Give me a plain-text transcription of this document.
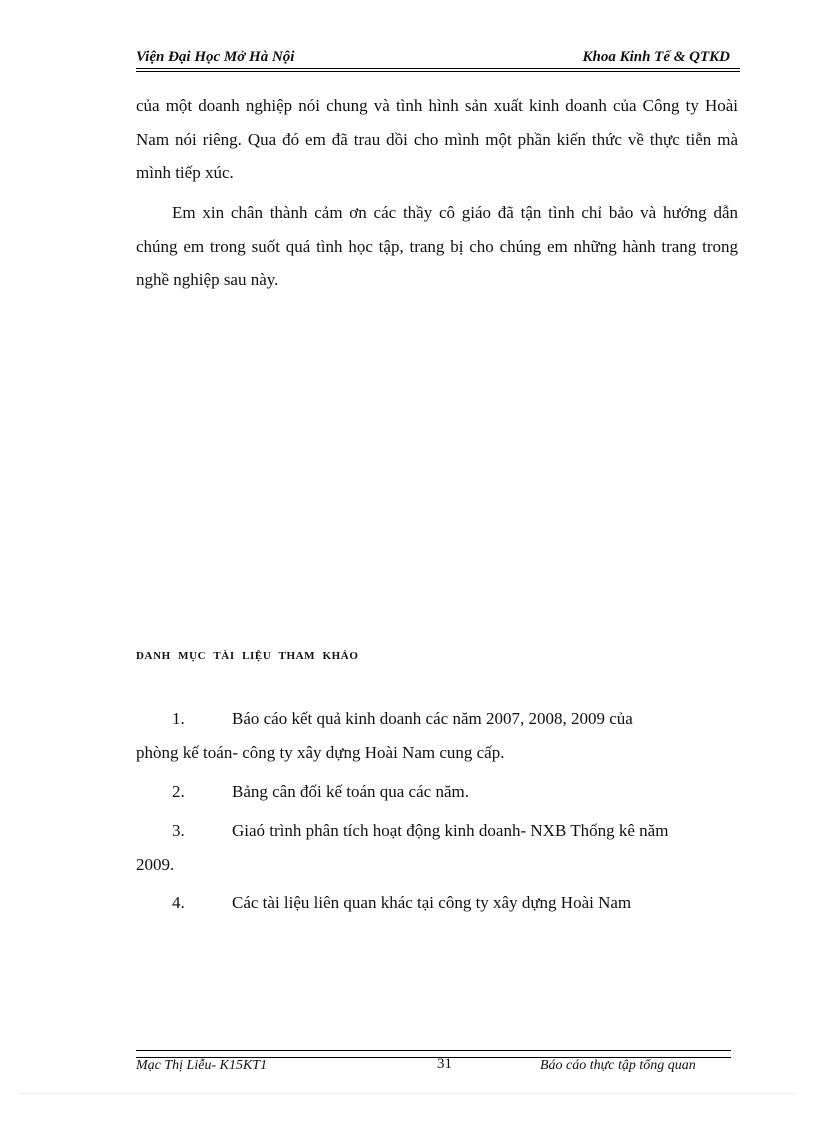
Viện Đại Học Mở Hà Nội	Khoa Kinh Tế & QTKD

của một doanh nghiệp nói chung và tình hình sản xuất kinh doanh của Công ty Hoài Nam nói riêng. Qua đó em đã trau dồi cho mình một phần kiến thức về thực tiễn mà mình tiếp xúc.

Em xin chân thành cảm ơn các thầy cô giáo đã tận tình chỉ bảo và hướng dẫn chúng em trong suốt quá tình học tập, trang bị cho chúng em những hành trang trong nghề nghiệp sau này.

DANH MỤC TÀI LIỆU THAM KHẢO

1.	Báo cáo kết quả kinh doanh các năm 2007, 2008, 2009 của
phòng kế toán- công ty xây dựng Hoài Nam cung cấp.
2.	Bảng cân đối kế toán qua các năm.
3.	Giaó trình phân tích hoạt động kinh doanh- NXB Thống kê năm
2009.
4.	Các tài liệu liên quan khác tại công ty xây dựng Hoài Nam
Mạc Thị Liễu- K15KT1	31	Báo cáo thực tập tổng quan
